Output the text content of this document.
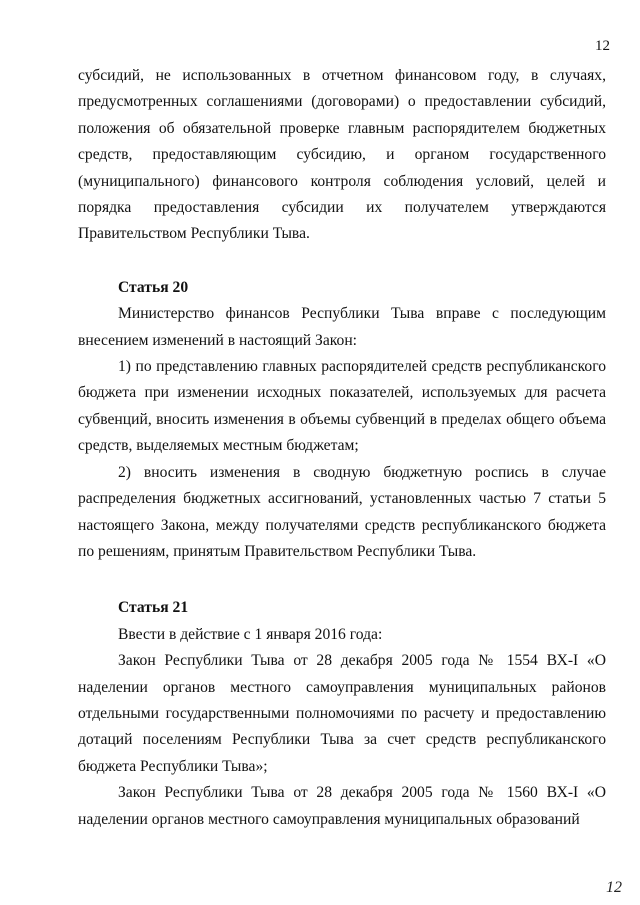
12

субсидий, не использованных в отчетном финансовом году, в случаях, предусмотренных соглашениями (договорами) о предоставлении субсидий, положения об обязательной проверке главным распорядителем бюджетных средств, предоставляющим субсидию, и органом государственного (муниципального) финансового контроля соблюдения условий, целей и порядка предоставления субсидии их получателем утверждаются Правительством Республики Тыва.

Статья 20

Министерство финансов Республики Тыва вправе с последующим внесением изменений в настоящий Закон:

1) по представлению главных распорядителей средств республиканского бюджета при изменении исходных показателей, используемых для расчета субвенций, вносить изменения в объемы субвенций в пределах общего объема средств, выделяемых местным бюджетам;

2) вносить изменения в сводную бюджетную роспись в случае распределения бюджетных ассигнований, установленных частью 7 статьи 5 настоящего Закона, между получателями средств республиканского бюджета по решениям, принятым Правительством Республики Тыва.

Статья 21

Ввести в действие с 1 января 2016 года:

Закон Республики Тыва от 28 декабря 2005 года № 1554 ВХ-I «О наделении органов местного самоуправления муниципальных районов отдельными государственными полномочиями по расчету и предоставлению дотаций поселениям Республики Тыва за счет средств республиканского бюджета Республики Тыва»;

Закон Республики Тыва от 28 декабря 2005 года № 1560 ВХ-I «О наделении органов местного самоуправления муниципальных образований

12
